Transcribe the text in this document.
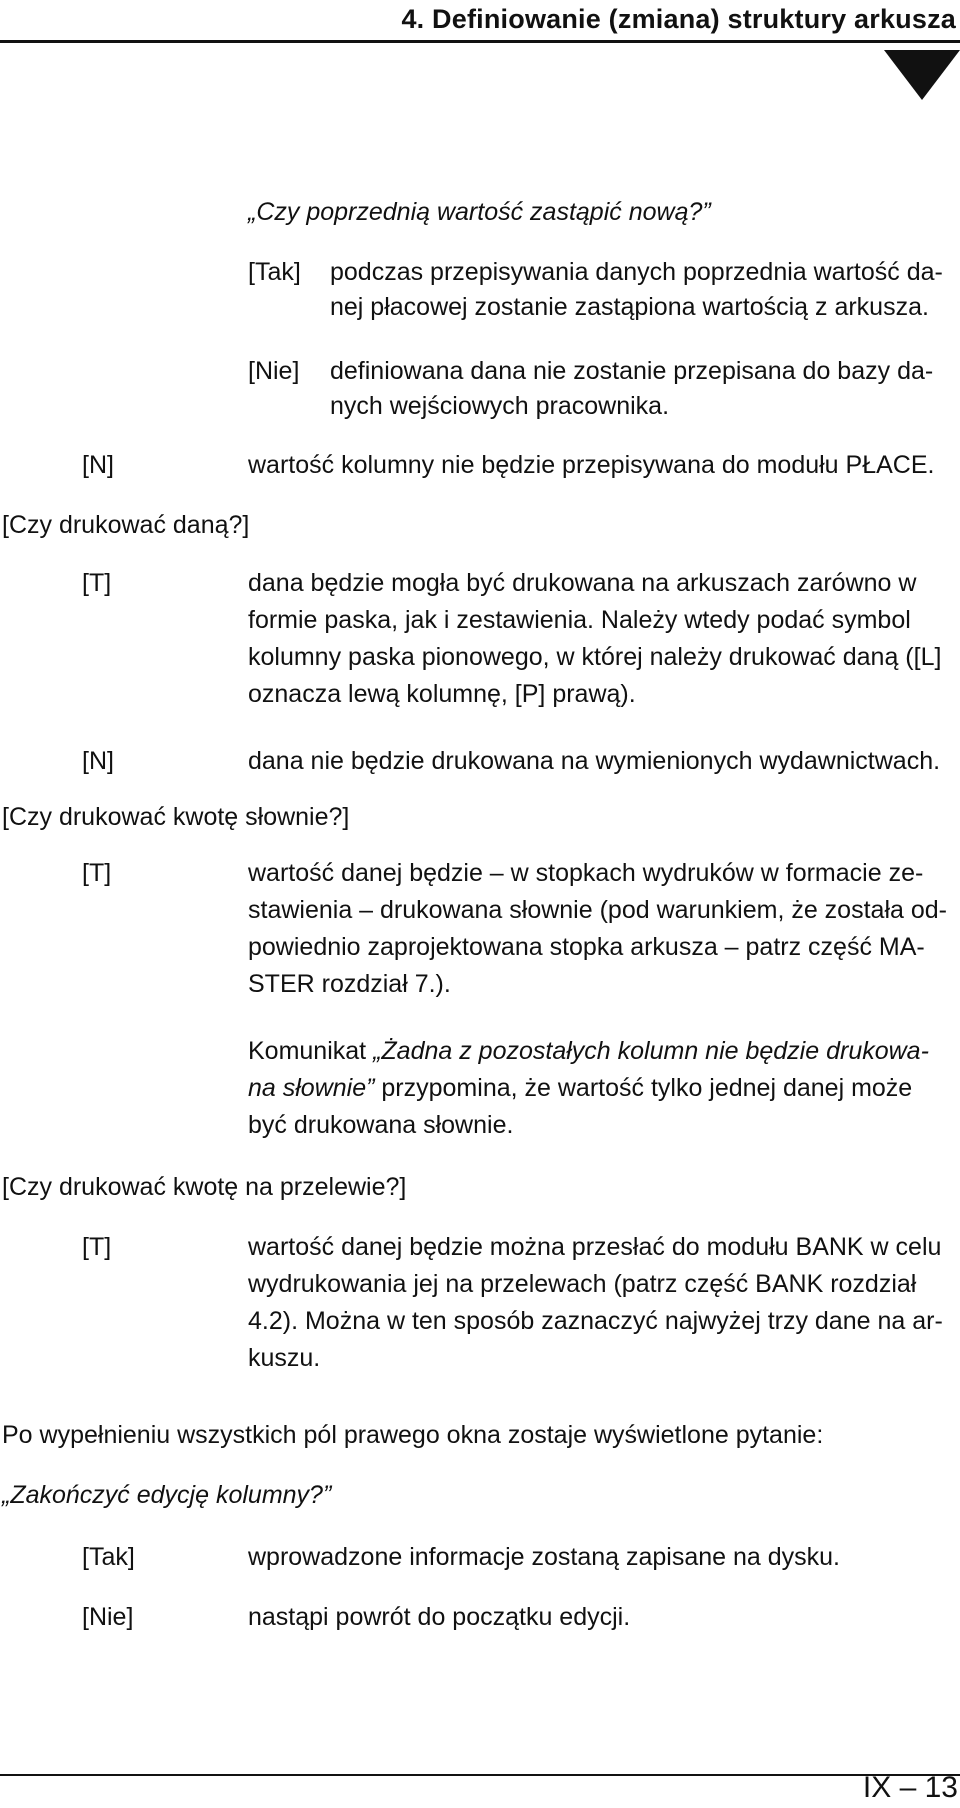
4. Definiowanie (zmiana) struktury arkusza
„Czy poprzednią wartość zastąpić nową?”
[Tak] podczas przepisywania danych poprzednia wartość da-
nej płacowej zostanie zastąpiona wartością z arkusza.
[Nie] definiowana dana nie zostanie przepisana do bazy da-
nych wejściowych pracownika.
[N]	wartość kolumny nie będzie przepisywana do modułu PŁACE.
[Czy drukować daną?]
[T]	dana będzie mogła być drukowana na arkuszach zarówno w
formie paska, jak i zestawienia. Należy wtedy podać symbol
kolumny paska pionowego, w której należy drukować daną ([L]
oznacza lewą kolumnę, [P] prawą).
[N]	dana nie będzie drukowana na wymienionych wydawnictwach.
[Czy drukować kwotę słownie?]
[T]	wartość danej będzie – w stopkach wydruków w formacie ze-
stawienia – drukowana słownie (pod warunkiem, że została od-
powiednio zaprojektowana stopka arkusza – patrz część MA-
STER rozdział 7.).
Komunikat „Żadna z pozostałych kolumn nie będzie drukowa-
na słownie” przypomina, że wartość tylko jednej danej może
być drukowana słownie.
[Czy drukować kwotę na przelewie?]
[T]	wartość danej będzie można przesłać do modułu BANK w celu
wydrukowania jej na przelewach (patrz część BANK rozdział
4.2). Można w ten sposób zaznaczyć najwyżej trzy dane na ar-
kuszu.
Po wypełnieniu wszystkich pól prawego okna zostaje wyświetlone pytanie:
„Zakończyć edycję kolumny?”
[Tak]	wprowadzone informacje zostaną zapisane na dysku.
[Nie]	nastąpi powrót do początku edycji.
IX – 13
